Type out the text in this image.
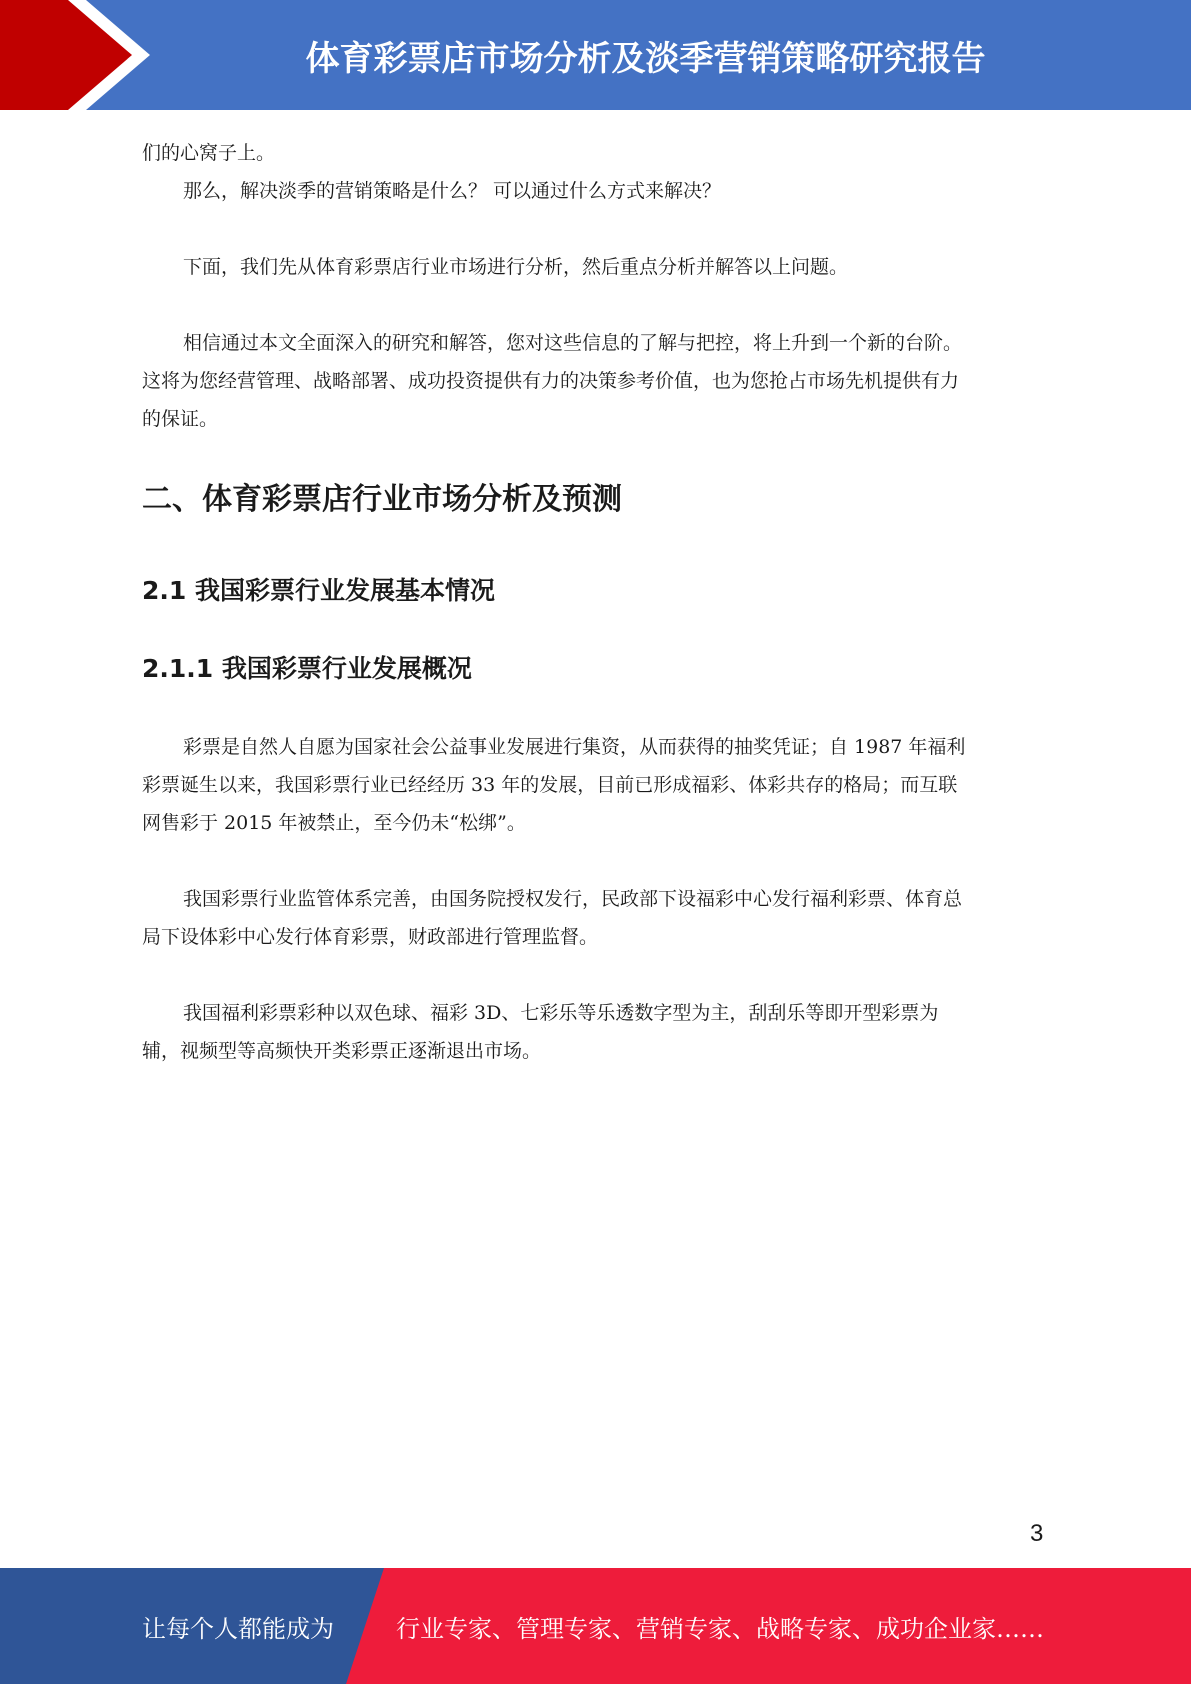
体育彩票店市场分析及淡季营销策略研究报告
们的心窝子上。
那么，解决淡季的营销策略是什么？ 可以通过什么方式来解决？
下面，我们先从体育彩票店行业市场进行分析，然后重点分析并解答以上问题。
相信通过本文全面深入的研究和解答，您对这些信息的了解与把控，将上升到一个新的台阶。
这将为您经营管理、战略部署、成功投资提供有力的决策参考价值，也为您抢占市场先机提供有力
的保证。
二、体育彩票店行业市场分析及预测
2.1 我国彩票行业发展基本情况
2.1.1 我国彩票行业发展概况
彩票是自然人自愿为国家社会公益事业发展进行集资，从而获得的抽奖凭证；自 1987 年福利
彩票诞生以来，我国彩票行业已经经历 33 年的发展，目前已形成福彩、体彩共存的格局；而互联
网售彩于 2015 年被禁止，至今仍未“松绑”。
我国彩票行业监管体系完善，由国务院授权发行，民政部下设福彩中心发行福利彩票、体育总
局下设体彩中心发行体育彩票，财政部进行管理监督。
我国福利彩票彩种以双色球、福彩 3D、七彩乐等乐透数字型为主，刮刮乐等即开型彩票为
辅，视频型等高频快开类彩票正逐渐退出市场。
3
让每个人都能成为	行业专家、管理专家、营销专家、战略专家、成功企业家……
